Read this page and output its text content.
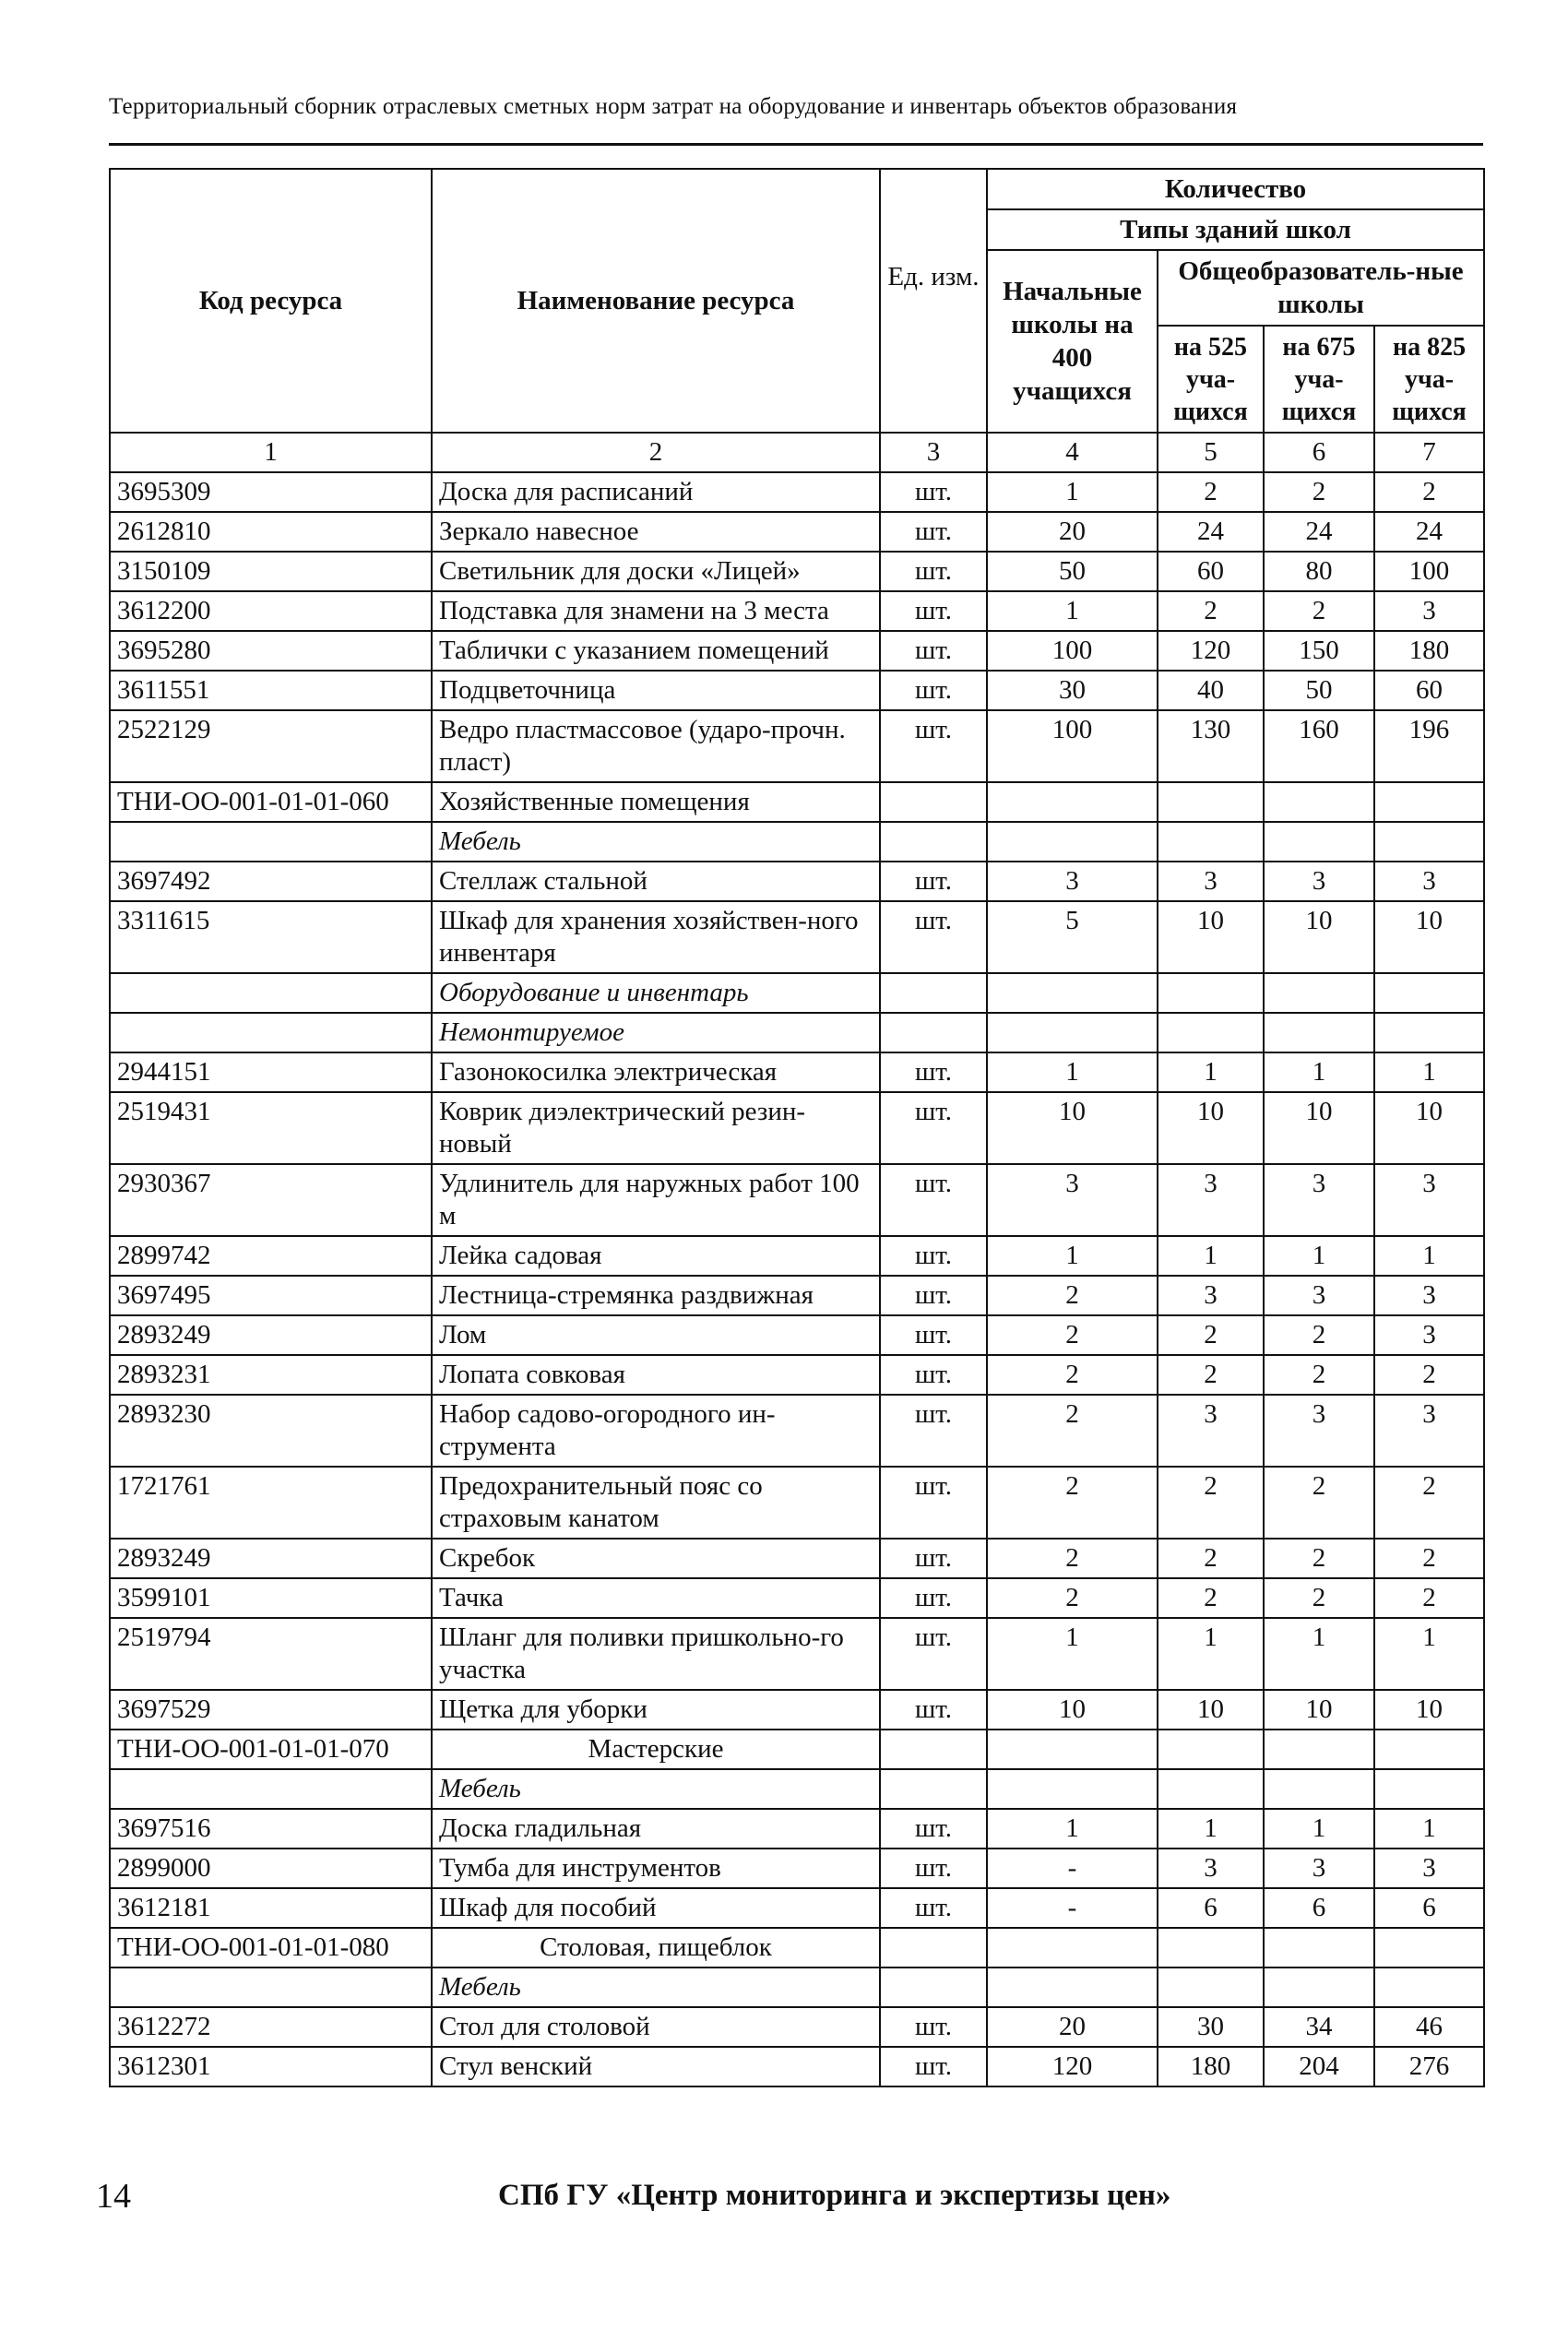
Территориальный сборник отраслевых сметных норм затрат на оборудование и инвентарь объектов образования
Код ресурса	Наименование ресурса	Ед. изм.	Количество			
			Типы зданий школ			
			Начальные школы на 400 учащихся	Общеобразователь-ные школы		
				на 525 уча-щихся	на 675 уча-щихся	на 825 уча-щихся
1	2	3	4	5	6	7
3695309	Доска для расписаний	шт.	1	2	2	2
2612810	Зеркало навесное	шт.	20	24	24	24
3150109	Светильник для доски «Лицей»	шт.	50	60	80	100
3612200	Подставка для знамени на 3 места	шт.	1	2	2	3
3695280	Таблички с указанием помещений	шт.	100	120	150	180
3611551	Подцветочница	шт.	30	40	50	60
2522129	Ведро пластмассовое (ударо-прочн. пласт)	шт.	100	130	160	196
ТНИ-ОО-001-01-01-060	Хозяйственные помещения					
	Мебель					
3697492	Стеллаж стальной	шт.	3	3	3	3
3311615	Шкаф для хранения хозяйствен-ного инвентаря	шт.	5	10	10	10
	Оборудование и инвентарь					
	Немонтируемое					
2944151	Газонокосилка электрическая	шт.	1	1	1	1
2519431	Коврик диэлектрический резин-новый	шт.	10	10	10	10
2930367	Удлинитель для наружных работ 100 м	шт.	3	3	3	3
2899742	Лейка садовая	шт.	1	1	1	1
3697495	Лестница-стремянка раздвижная	шт.	2	3	3	3
2893249	Лом	шт.	2	2	2	3
2893231	Лопата совковая	шт.	2	2	2	2
2893230	Набор садово-огородного ин-струмента	шт.	2	3	3	3
1721761	Предохранительный пояс со страховым канатом	шт.	2	2	2	2
2893249	Скребок	шт.	2	2	2	2
3599101	Тачка	шт.	2	2	2	2
2519794	Шланг для поливки пришкольно-го участка	шт.	1	1	1	1
3697529	Щетка для уборки	шт.	10	10	10	10
ТНИ-ОО-001-01-01-070	Мастерские					
	Мебель					
3697516	Доска гладильная	шт.	1	1	1	1
2899000	Тумба для инструментов	шт.	-	3	3	3
3612181	Шкаф для пособий	шт.	-	6	6	6
ТНИ-ОО-001-01-01-080	Столовая, пищеблок					
	Мебель					
3612272	Стол для столовой	шт.	20	30	34	46
3612301	Стул венский	шт.	120	180	204	276
14	СПб ГУ «Центр мониторинга и экспертизы цен»
